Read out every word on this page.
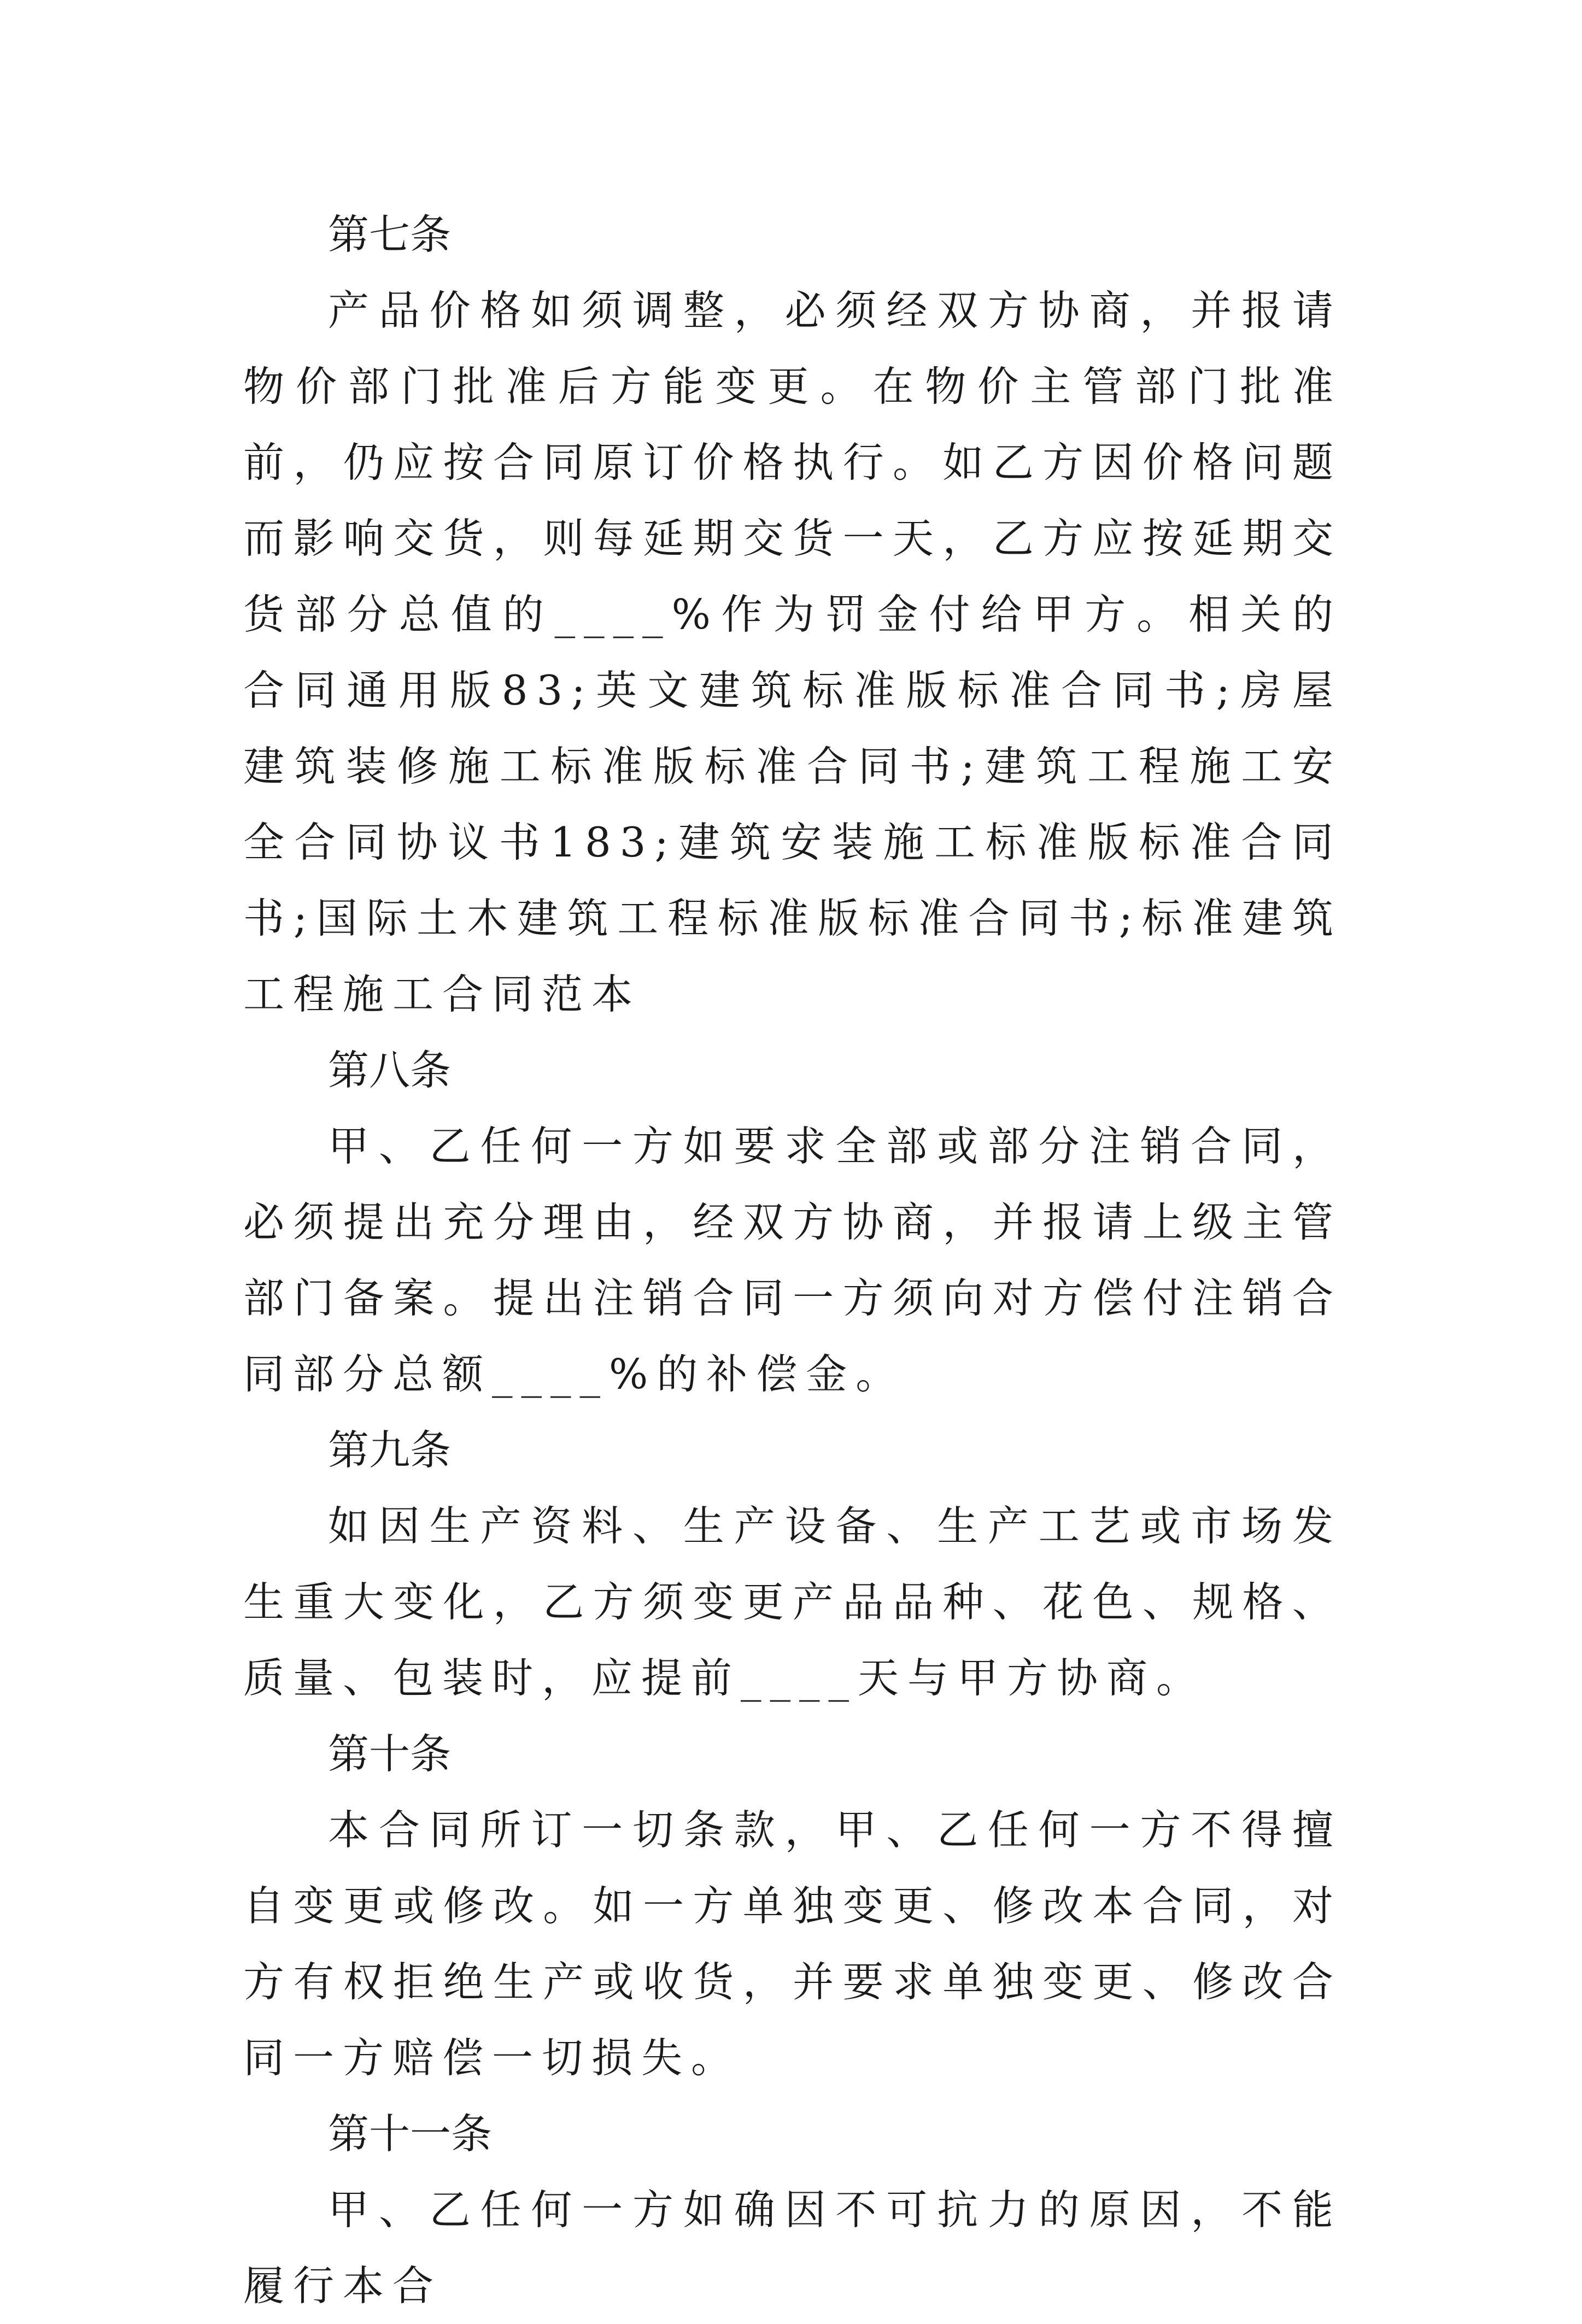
第七条

产品价格如须调整，必须经双方协商，并报请物价部门批准后方能变更。在物价主管部门批准前，仍应按合同原订价格执行。如乙方因价格问题而影响交货，则每延期交货一天，乙方应按延期交货部分总值的____%作为罚金付给甲方。相关的合同通用版83;英文建筑标准版标准合同书;房屋建筑装修施工标准版标准合同书;建筑工程施工安全合同协议书183;建筑安装施工标准版标准合同书;国际土木建筑工程标准版标准合同书;标准建筑工程施工合同范本

第八条

甲、乙任何一方如要求全部或部分注销合同，必须提出充分理由，经双方协商，并报请上级主管部门备案。提出注销合同一方须向对方偿付注销合同部分总额____%的补偿金。

第九条

如因生产资料、生产设备、生产工艺或市场发生重大变化，乙方须变更产品品种、花色、规格、质量、包装时，应提前____天与甲方协商。

第十条

本合同所订一切条款，甲、乙任何一方不得擅自变更或修改。如一方单独变更、修改本合同，对方有权拒绝生产或收货，并要求单独变更、修改合同一方赔偿一切损失。

第十一条

甲、乙任何一方如确因不可抗力的原因，不能履行本合
